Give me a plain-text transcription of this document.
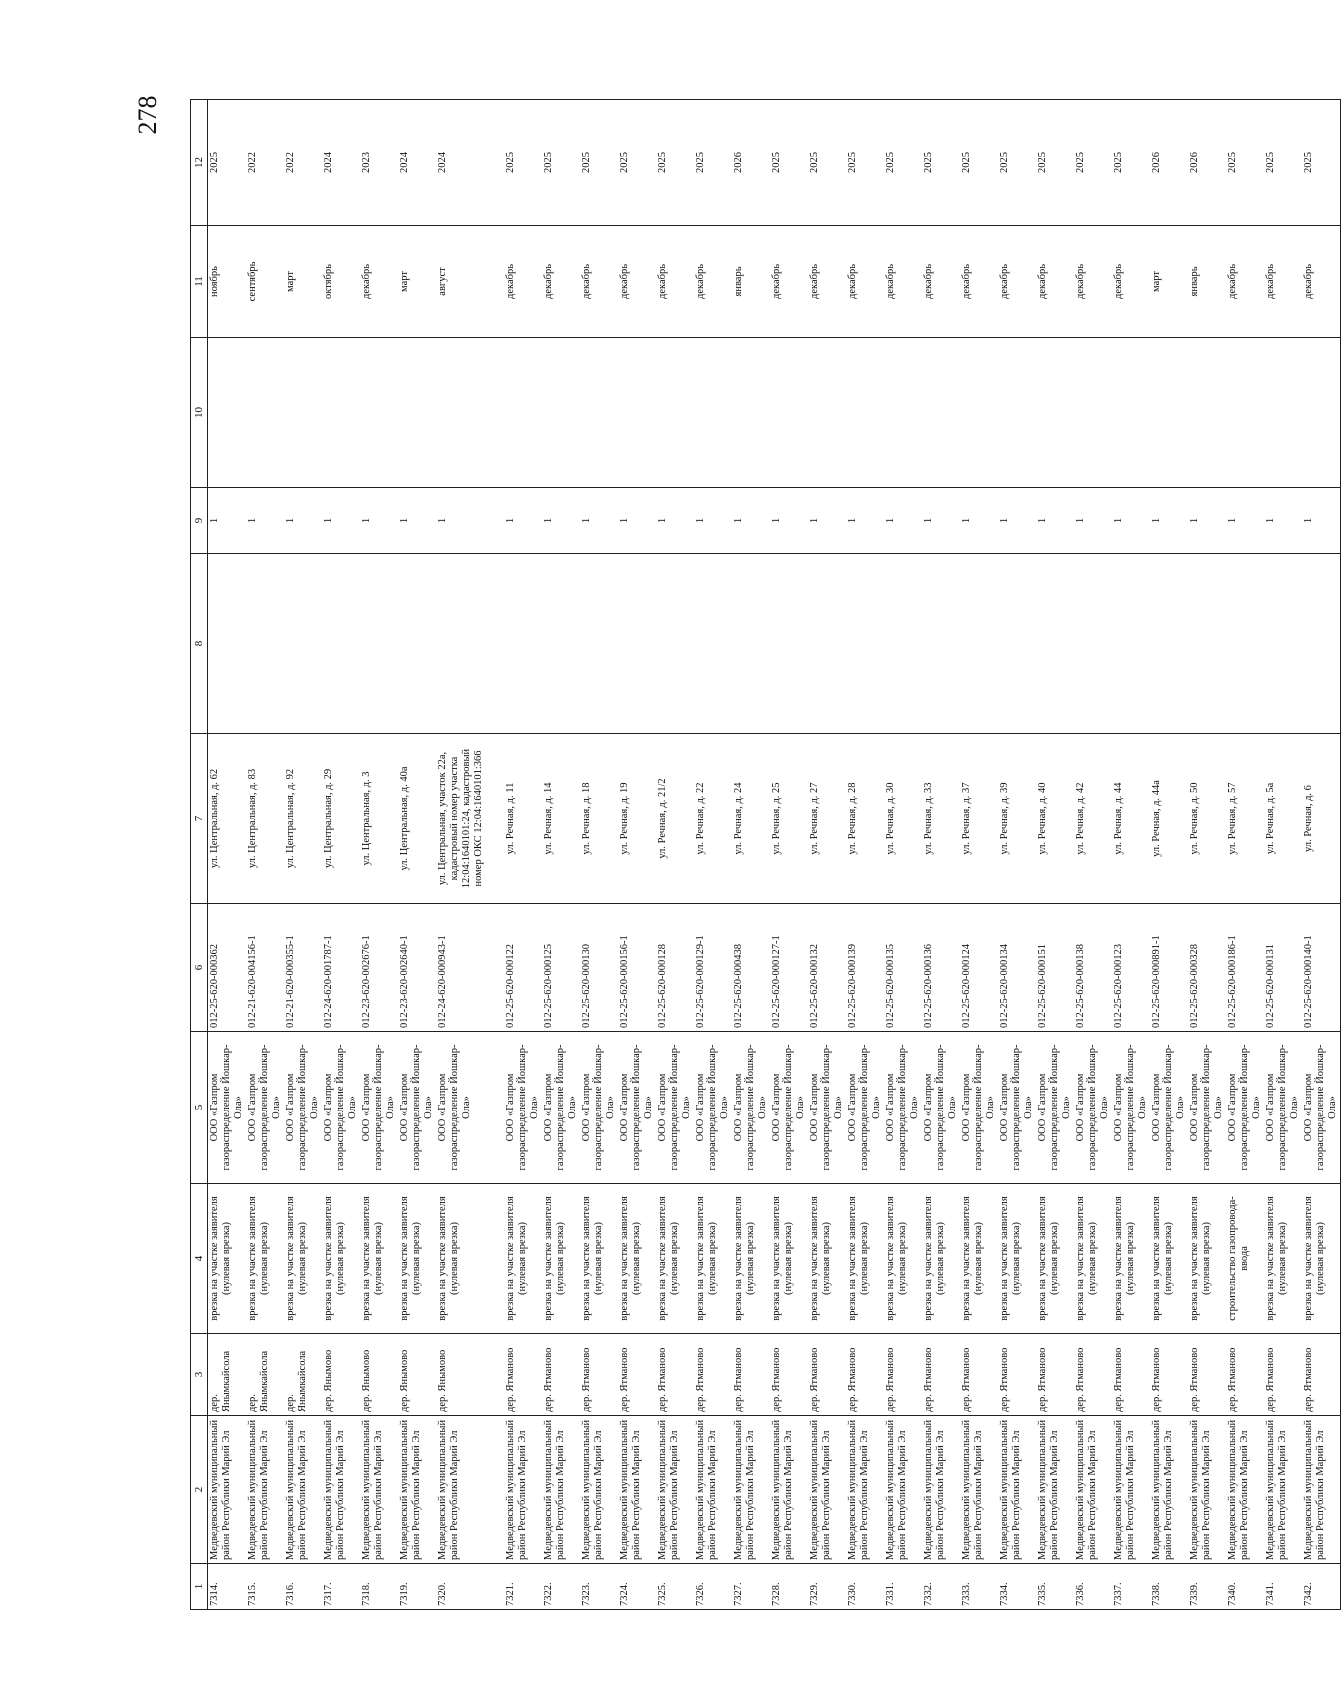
278
1	2	3	4	5	6	7	8	9	10	11	12
7314.	Медведевский муниципальный район Республики Марий Эл	дер. Янымкайсола	врезка на участке заявителя (нулевая врезка)	ООО «Газпром газораспределение Йошкар-Ола»	012-25-620-000362	ул. Центральная, д. 62		1		ноябрь	2025
7315.	Медведевский муниципальный район Республики Марий Эл	дер. Янымкайсола	врезка на участке заявителя (нулевая врезка)	ООО «Газпром газораспределение Йошкар-Ола»	012-21-620-004156-1	ул. Центральная, д. 83		1		сентябрь	2022
7316.	Медведевский муниципальный район Республики Марий Эл	дер. Янымкайсола	врезка на участке заявителя (нулевая врезка)	ООО «Газпром газораспределение Йошкар-Ола»	012-21-620-000355-1	ул. Центральная, д. 92		1		март	2022
7317.	Медведевский муниципальный район Республики Марий Эл	дер. Янымово	врезка на участке заявителя (нулевая врезка)	ООО «Газпром газораспределение Йошкар-Ола»	012-24-620-001787-1	ул. Центральная, д. 29		1		октябрь	2024
7318.	Медведевский муниципальный район Республики Марий Эл	дер. Янымово	врезка на участке заявителя (нулевая врезка)	ООО «Газпром газораспределение Йошкар-Ола»	012-23-620-002676-1	ул. Центральная, д. 3		1		декабрь	2023
7319.	Медведевский муниципальный район Республики Марий Эл	дер. Янымово	врезка на участке заявителя (нулевая врезка)	ООО «Газпром газораспределение Йошкар-Ола»	012-23-620-002640-1	ул. Центральная, д. 40а		1		март	2024
7320.	Медведевский муниципальный район Республики Марий Эл	дер. Янымово	врезка на участке заявителя (нулевая врезка)	ООО «Газпром газораспределение Йошкар-Ола»	012-24-620-000943-1	ул. Центральная, участок 22а, кадастровый номер участка 12:04:1640101:24, кадастровый номер ОКС 12:04:1640101:366		1		август	2024

7321.	Медведевский муниципальный район Республики Марий Эл	дер. Ятманово	врезка на участке заявителя (нулевая врезка)	ООО «Газпром газораспределение Йошкар-Ола»	012-25-620-000122	ул. Речная, д. 11		1		декабрь	2025
7322.	Медведевский муниципальный район Республики Марий Эл	дер. Ятманово	врезка на участке заявителя (нулевая врезка)	ООО «Газпром газораспределение Йошкар-Ола»	012-25-620-000125	ул. Речная, д. 14		1		декабрь	2025
7323.	Медведевский муниципальный район Республики Марий Эл	дер. Ятманово	врезка на участке заявителя (нулевая врезка)	ООО «Газпром газораспределение Йошкар-Ола»	012-25-620-000130	ул. Речная, д. 18		1		декабрь	2025
7324.	Медведевский муниципальный район Республики Марий Эл	дер. Ятманово	врезка на участке заявителя (нулевая врезка)	ООО «Газпром газораспределение Йошкар-Ола»	012-25-620-000156-1	ул. Речная, д. 19		1		декабрь	2025
7325.	Медведевский муниципальный район Республики Марий Эл	дер. Ятманово	врезка на участке заявителя (нулевая врезка)	ООО «Газпром газораспределение Йошкар-Ола»	012-25-620-000128	ул. Речная, д. 21/2		1		декабрь	2025
7326.	Медведевский муниципальный район Республики Марий Эл	дер. Ятманово	врезка на участке заявителя (нулевая врезка)	ООО «Газпром газораспределение Йошкар-Ола»	012-25-620-000129-1	ул. Речная, д. 22		1		декабрь	2025
7327.	Медведевский муниципальный район Республики Марий Эл	дер. Ятманово	врезка на участке заявителя (нулевая врезка)	ООО «Газпром газораспределение Йошкар-Ола»	012-25-620-000438	ул. Речная, д. 24		1		январь	2026
7328.	Медведевский муниципальный район Республики Марий Эл	дер. Ятманово	врезка на участке заявителя (нулевая врезка)	ООО «Газпром газораспределение Йошкар-Ола»	012-25-620-000127-1	ул. Речная, д. 25		1		декабрь	2025
7329.	Медведевский муниципальный район Республики Марий Эл	дер. Ятманово	врезка на участке заявителя (нулевая врезка)	ООО «Газпром газораспределение Йошкар-Ола»	012-25-620-000132	ул. Речная, д. 27		1		декабрь	2025
7330.	Медведевский муниципальный район Республики Марий Эл	дер. Ятманово	врезка на участке заявителя (нулевая врезка)	ООО «Газпром газораспределение Йошкар-Ола»	012-25-620-000139	ул. Речная, д. 28		1		декабрь	2025
7331.	Медведевский муниципальный район Республики Марий Эл	дер. Ятманово	врезка на участке заявителя (нулевая врезка)	ООО «Газпром газораспределение Йошкар-Ола»	012-25-620-000135	ул. Речная, д. 30		1		декабрь	2025
7332.	Медведевский муниципальный район Республики Марий Эл	дер. Ятманово	врезка на участке заявителя (нулевая врезка)	ООО «Газпром газораспределение Йошкар-Ола»	012-25-620-000136	ул. Речная, д. 33		1		декабрь	2025
7333.	Медведевский муниципальный район Республики Марий Эл	дер. Ятманово	врезка на участке заявителя (нулевая врезка)	ООО «Газпром газораспределение Йошкар-Ола»	012-25-620-000124	ул. Речная, д. 37		1		декабрь	2025
7334.	Медведевский муниципальный район Республики Марий Эл	дер. Ятманово	врезка на участке заявителя (нулевая врезка)	ООО «Газпром газораспределение Йошкар-Ола»	012-25-620-000134	ул. Речная, д. 39		1		декабрь	2025
7335.	Медведевский муниципальный район Республики Марий Эл	дер. Ятманово	врезка на участке заявителя (нулевая врезка)	ООО «Газпром газораспределение Йошкар-Ола»	012-25-620-000151	ул. Речная, д. 40		1		декабрь	2025
7336.	Медведевский муниципальный район Республики Марий Эл	дер. Ятманово	врезка на участке заявителя (нулевая врезка)	ООО «Газпром газораспределение Йошкар-Ола»	012-25-620-000138	ул. Речная, д. 42		1		декабрь	2025
7337.	Медведевский муниципальный район Республики Марий Эл	дер. Ятманово	врезка на участке заявителя (нулевая врезка)	ООО «Газпром газораспределение Йошкар-Ола»	012-25-620-000123	ул. Речная, д. 44		1		декабрь	2025
7338.	Медведевский муниципальный район Республики Марий Эл	дер. Ятманово	врезка на участке заявителя (нулевая врезка)	ООО «Газпром газораспределение Йошкар-Ола»	012-25-620-000891-1	ул. Речная, д. 44а		1		март	2026
7339.	Медведевский муниципальный район Республики Марий Эл	дер. Ятманово	врезка на участке заявителя (нулевая врезка)	ООО «Газпром газораспределение Йошкар-Ола»	012-25-620-000328	ул. Речная, д. 50		1		январь	2026
7340.	Медведевский муниципальный район Республики Марий Эл	дер. Ятманово	строительство газопровода-ввода	ООО «Газпром газораспределение Йошкар-Ола»	012-25-620-000186-1	ул. Речная, д. 57		1		декабрь	2025
7341.	Медведевский муниципальный район Республики Марий Эл	дер. Ятманово	врезка на участке заявителя (нулевая врезка)	ООО «Газпром газораспределение Йошкар-Ола»	012-25-620-000131	ул. Речная, д. 5а		1		декабрь	2025
7342.	Медведевский муниципальный район Республики Марий Эл	дер. Ятманово	врезка на участке заявителя (нулевая врезка)	ООО «Газпром газораспределение Йошкар-Ола»	012-25-620-000140-1	ул. Речная, д. 6		1		декабрь	2025
